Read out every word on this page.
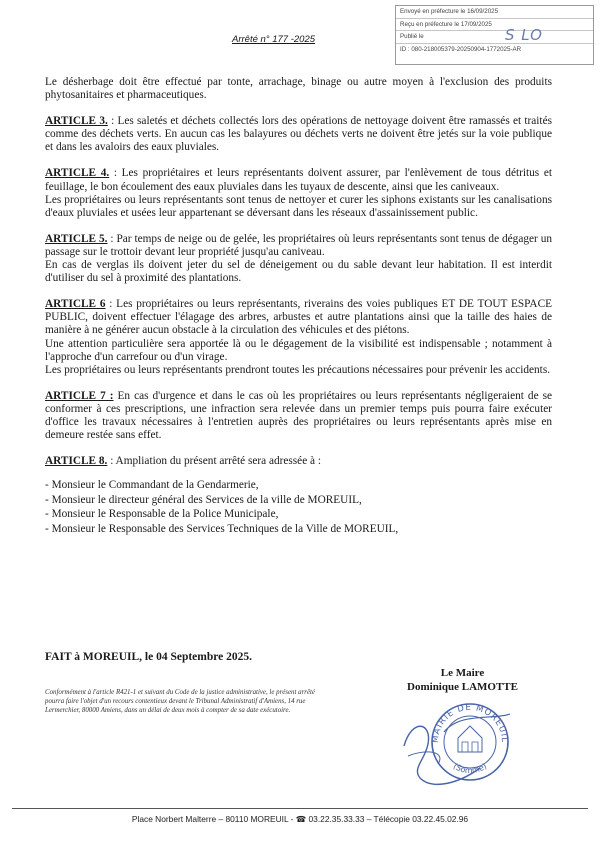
Envoyé en préfecture le 16/09/2025
Reçu en préfecture le 17/09/2025
Publié le
ID : 080-218005379-20250904-1772025-AR
S LO
Arrêté n° 177 -2025

Le désherbage doit être effectué par tonte, arrachage, binage ou autre moyen à l'exclusion des produits phytosanitaires et pharmaceutiques.

ARTICLE 3. : Les saletés et déchets collectés lors des opérations de nettoyage doivent être ramassés et traités comme des déchets verts. En aucun cas les balayures ou déchets verts ne doivent être jetés sur la voie publique et dans les avaloirs des eaux pluviales.

ARTICLE 4. : Les propriétaires et leurs représentants doivent assurer, par l'enlèvement de tous détritus et feuillage, le bon écoulement des eaux pluviales dans les tuyaux de descente, ainsi que les caniveaux.

Les propriétaires ou leurs représentants sont tenus de nettoyer et curer les siphons existants sur les canalisations d'eaux pluviales et usées leur appartenant se déversant dans les réseaux d'assainissement public.

ARTICLE 5. : Par temps de neige ou de gelée, les propriétaires où leurs représentants sont tenus de dégager un passage sur le trottoir devant leur propriété jusqu'au caniveau.

En cas de verglas ils doivent jeter du sel de déneigement ou du sable devant leur habitation. Il est interdit d'utiliser du sel à proximité des plantations.

ARTICLE 6 : Les propriétaires ou leurs représentants, riverains des voies publiques ET DE TOUT ESPACE PUBLIC, doivent effectuer l'élagage des arbres, arbustes et autre plantations ainsi que la taille des haies de manière à ne générer aucun obstacle à la circulation des véhicules et des piétons.

Une attention particulière sera apportée là ou le dégagement de la visibilité est indispensable ; notamment à l'approche d'un carrefour ou d'un virage.

Les propriétaires ou leurs représentants prendront toutes les précautions nécessaires pour prévenir les accidents.

ARTICLE 7 : En cas d'urgence et dans le cas où les propriétaires ou leurs représentants négligeraient de se conformer à ces prescriptions, une infraction sera relevée dans un premier temps puis pourra faire exécuter d'office les travaux nécessaires à l'entretien auprès des propriétaires ou leurs représentants après mise en demeure restée sans effet.

ARTICLE 8. : Ampliation du présent arrêté sera adressée à :

- Monsieur le Commandant de la Gendarmerie,
- Monsieur le directeur général des Services de la ville de MOREUIL,
- Monsieur le Responsable de la Police Municipale,
- Monsieur le Responsable des Services Techniques de la Ville de MOREUIL,
FAIT à MOREUIL, le 04 Septembre 2025.
Le Maire
Dominique LAMOTTE
Conformément à l'article R421-1 et suivant du Code de la justice administrative, le présent arrêté pourra faire l'objet d'un recours contentieux devant le Tribunal Administratif d'Amiens, 14 rue Lermerchier, 80000 Amiens, dans un délai de deux mois à compter de sa date exécutoire.
MAIRIE DE MOREUIL
(Somme)
Place Norbert Malterre – 80110 MOREUIL - ☎ 03.22.35.33.33 – Télécopie 03.22.45.02.96
